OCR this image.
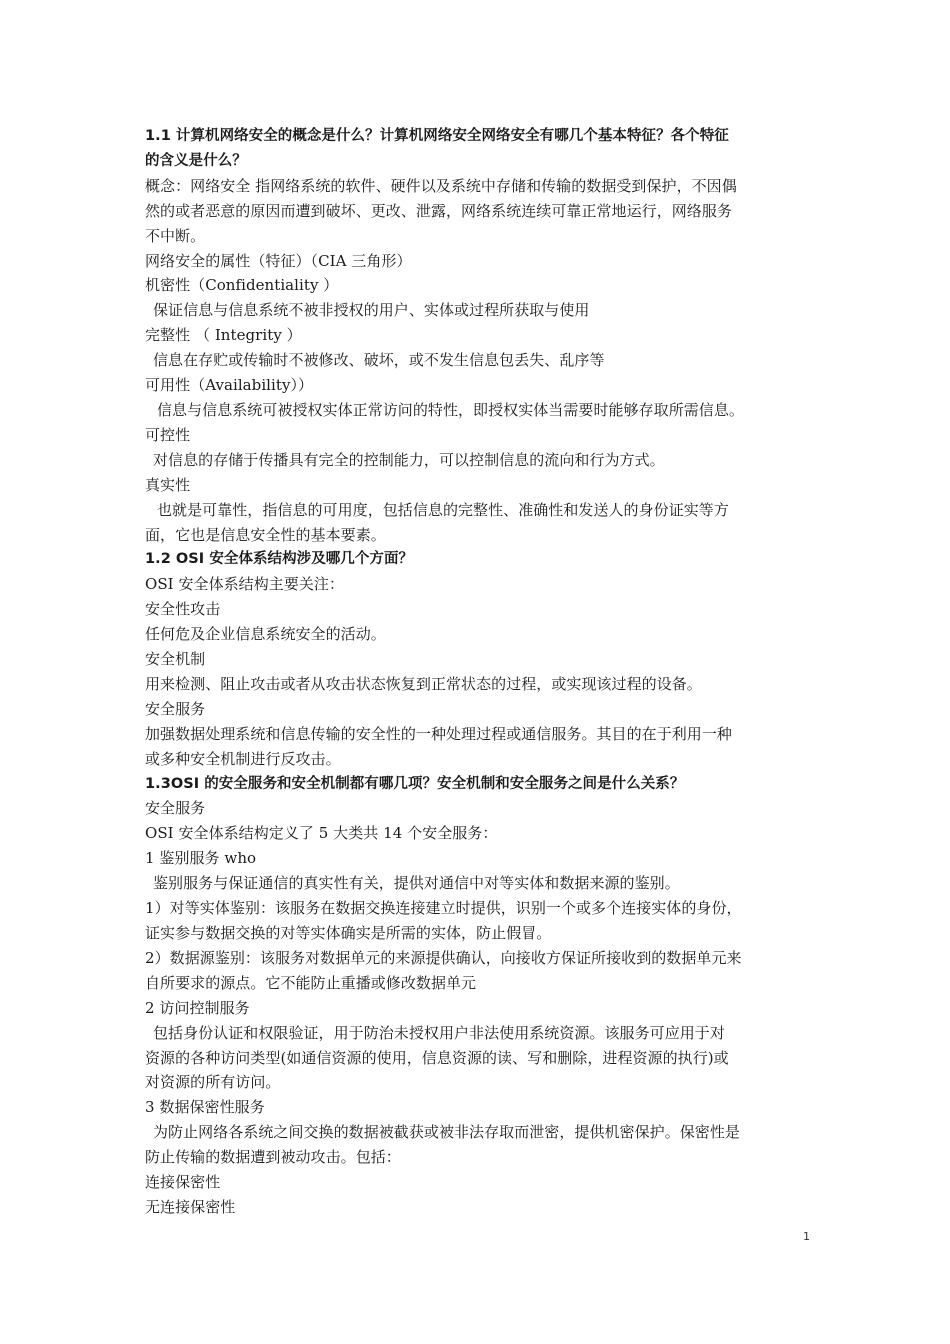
1.1 计算机网络安全的概念是什么？计算机网络安全网络安全有哪几个基本特征？各个特征
的含义是什么？
概念：网络安全 指网络系统的软件、硬件以及系统中存储和传输的数据受到保护，不因偶
然的或者恶意的原因而遭到破坏、更改、泄露，网络系统连续可靠正常地运行，网络服务
不中断。
网络安全的属性（特征）（CIA 三角形）
机密性（Confidentiality ）
保证信息与信息系统不被非授权的用户、实体或过程所获取与使用
完整性 （ Integrity ）
信息在存贮或传输时不被修改、破坏，或不发生信息包丢失、乱序等
可用性（Availability））
信息与信息系统可被授权实体正常访问的特性，即授权实体当需要时能够存取所需信息。
可控性
对信息的存储于传播具有完全的控制能力，可以控制信息的流向和行为方式。
真实性
也就是可靠性，指信息的可用度，包括信息的完整性、准确性和发送人的身份证实等方
面，它也是信息安全性的基本要素。
1.2 OSI 安全体系结构涉及哪几个方面？
OSI 安全体系结构主要关注：
安全性攻击
任何危及企业信息系统安全的活动。
安全机制
用来检测、阻止攻击或者从攻击状态恢复到正常状态的过程，或实现该过程的设备。
安全服务
加强数据处理系统和信息传输的安全性的一种处理过程或通信服务。其目的在于利用一种
或多种安全机制进行反攻击。
1.3OSI 的安全服务和安全机制都有哪几项？安全机制和安全服务之间是什么关系？
安全服务
OSI 安全体系结构定义了 5 大类共 14 个安全服务：
1 鉴别服务 who
鉴别服务与保证通信的真实性有关，提供对通信中对等实体和数据来源的鉴别。
1）对等实体鉴别：该服务在数据交换连接建立时提供，识别一个或多个连接实体的身份，
证实参与数据交换的对等实体确实是所需的实体，防止假冒。
2）数据源鉴别：该服务对数据单元的来源提供确认，向接收方保证所接收到的数据单元来
自所要求的源点。它不能防止重播或修改数据单元
2 访问控制服务
包括身份认证和权限验证，用于防治未授权用户非法使用系统资源。该服务可应用于对
资源的各种访问类型(如通信资源的使用，信息资源的读、写和删除，进程资源的执行)或
对资源的所有访问。
3 数据保密性服务
为防止网络各系统之间交换的数据被截获或被非法存取而泄密，提供机密保护。保密性是
防止传输的数据遭到被动攻击。包括：
连接保密性
无连接保密性
1
